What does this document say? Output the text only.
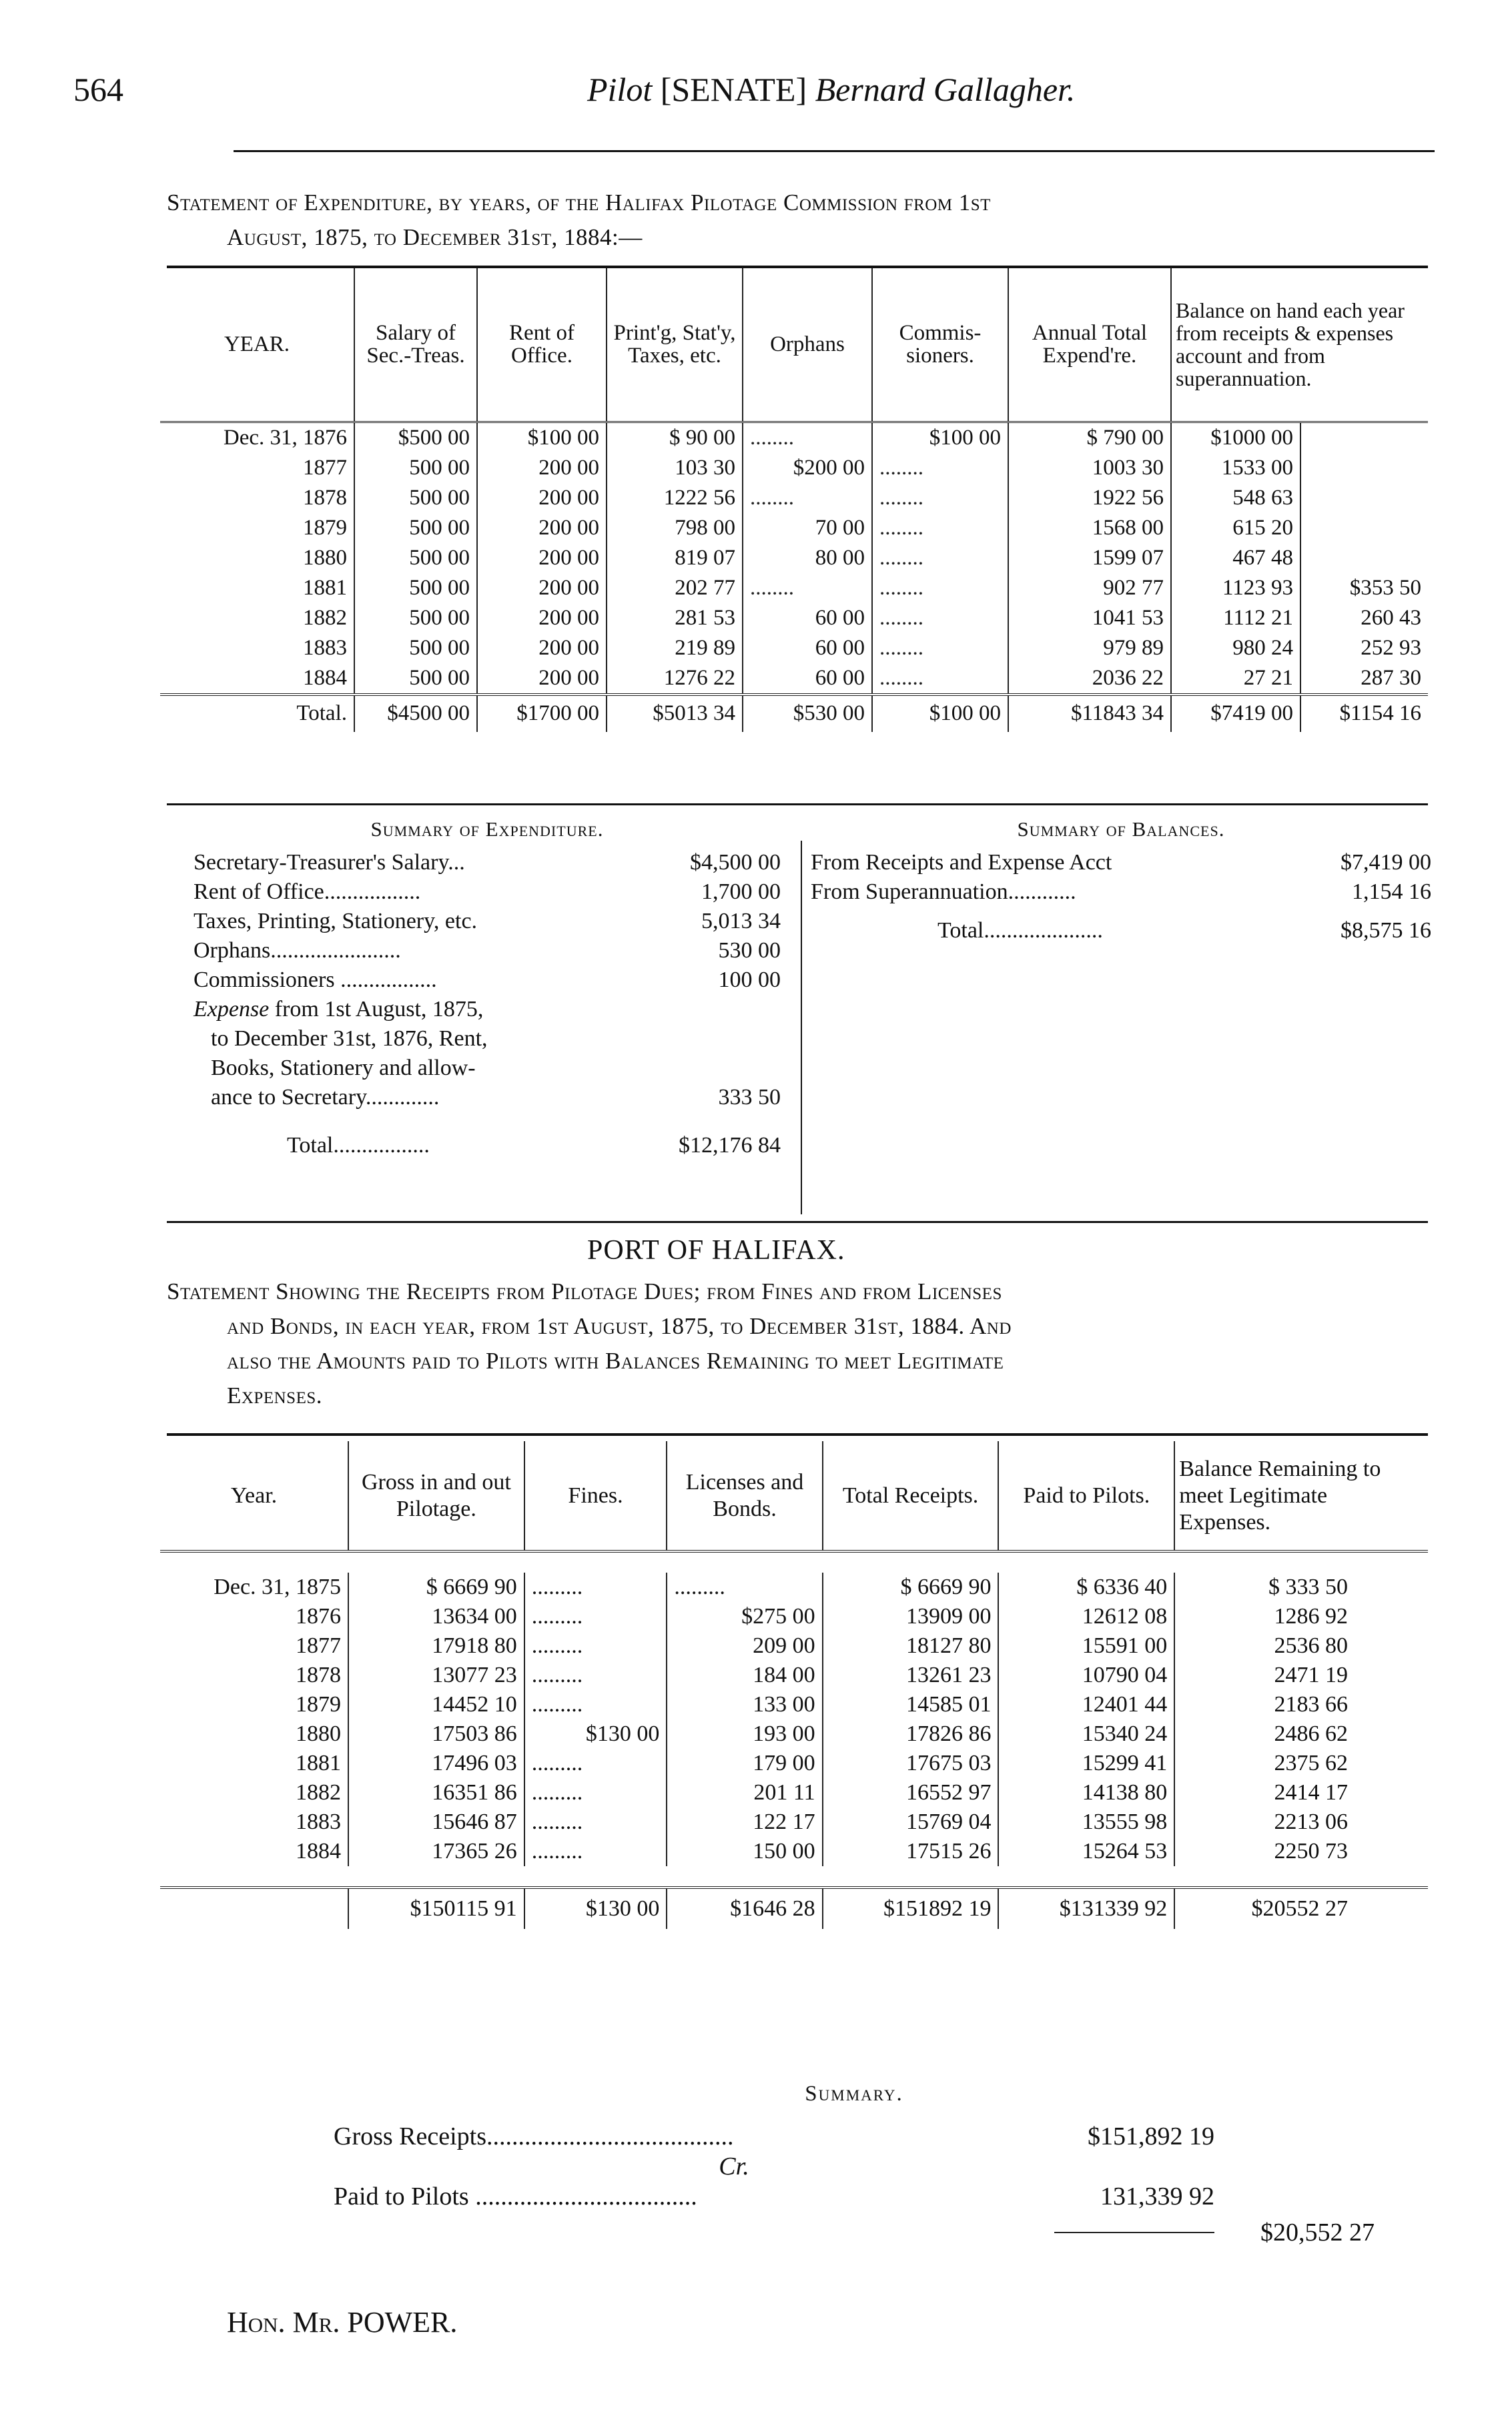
564	Pilot [SENATE] Bernard Gallagher.
Statement of Expenditure, by years, of the Halifax Pilotage Commission from 1st
August, 1875, to December 31st, 1884:—
YEAR.	Salary of Sec.-Treas.	Rent of Office.	Print'g, Stat'y, Taxes, etc.	Orphans	Commis-sioners.	Annual Total Expend're.	Balance on hand each year from receipts & expenses account and from superannuation.	
Dec. 31, 1876	$500 00	$100 00	$ 90 00	........	$100 00	$ 790 00	$1000 00	
1877	500 00	200 00	103 30	$200 00	........	1003 30	1533 00	
1878	500 00	200 00	1222 56	........	........	1922 56	548 63	
1879	500 00	200 00	798 00	70 00	........	1568 00	615 20	
1880	500 00	200 00	819 07	80 00	........	1599 07	467 48	
1881	500 00	200 00	202 77	........	........	902 77	1123 93	$353 50
1882	500 00	200 00	281 53	60 00	........	1041 53	1112 21	260 43
1883	500 00	200 00	219 89	60 00	........	979 89	980 24	252 93
1884	500 00	200 00	1276 22	60 00	........	2036 22	27 21	287 30
Total.	$4500 00	$1700 00	$5013 34	$530 00	$100 00	$11843 34	$7419 00	$1154 16
Summary of Expenditure.
Secretary-Treasurer's Salary...	$4,500 00
Rent of Office.................	1,700 00
Taxes, Printing, Stationery, etc.	5,013 34
Orphans.......................	530 00
Commissioners .................	100 00
Expense from 1st August, 1875,
to December 31st, 1876, Rent,
Books, Stationery and allow-
ance to Secretary.............	333 50
Total.................	$12,176 84
Summary of Balances.
From Receipts and Expense Acct	$7,419 00
From Superannuation............	1,154 16
Total.....................	$8,575 16
PORT OF HALIFAX.
Statement Showing the Receipts from Pilotage Dues; from Fines and from Licenses
and Bonds, in each year, from 1st August, 1875, to December 31st, 1884. And
also the Amounts paid to Pilots with Balances Remaining to meet Legitimate
Expenses.
Year.	Gross in and out Pilotage.	Fines.	Licenses and Bonds.	Total Receipts.	Paid to Pilots.	Balance Remaining to meet Legitimate Expenses.

Dec. 31, 1875	$ 6669 90	.........	.........	$ 6669 90	$ 6336 40	$ 333 50
1876	13634 00	.........	$275 00	13909 00	12612 08	1286 92
1877	17918 80	.........	209 00	18127 80	15591 00	2536 80
1878	13077 23	.........	184 00	13261 23	10790 04	2471 19
1879	14452 10	.........	133 00	14585 01	12401 44	2183 66
1880	17503 86	$130 00	193 00	17826 86	15340 24	2486 62
1881	17496 03	.........	179 00	17675 03	15299 41	2375 62
1882	16351 86	.........	201 11	16552 97	14138 80	2414 17
1883	15646 87	.........	122 17	15769 04	13555 98	2213 06
1884	17365 26	.........	150 00	17515 26	15264 53	2250 73

	$150115 91	$130 00	$1646 28	$151892 19	$131339 92	$20552 27
Summary.
Gross Receipts.......................................	$151,892 19
Cr.
Paid to Pilots ...................................	131,339 92
$20,552 27
Hon. Mr. POWER.
